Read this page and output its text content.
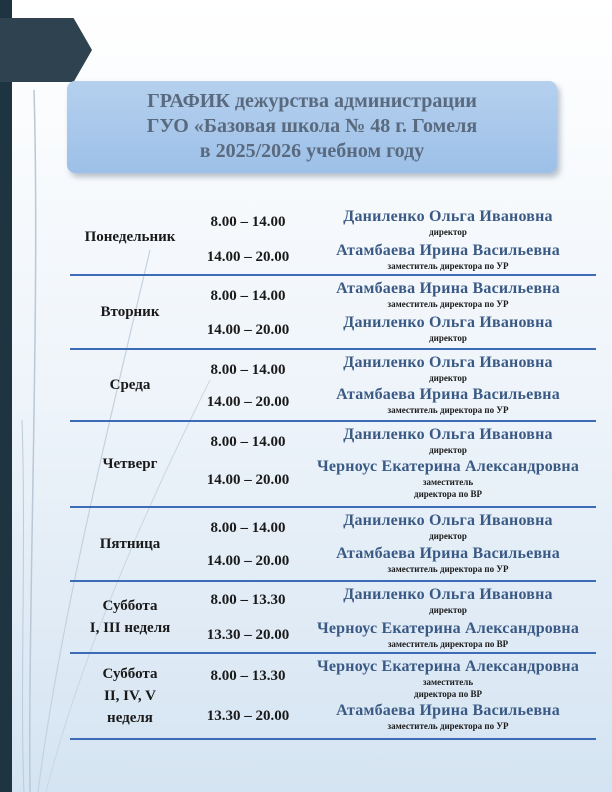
ГРАФИК дежурства администрации
ГУО «Базовая школа № 48 г. Гомеля
в 2025/2026 учебном году
Понедельник
8.00 – 14.00	Даниленко Ольга Ивановна
директор
14.00 – 20.00	Атамбаева Ирина Васильевна
заместитель директора по УР
Вторник
8.00 – 14.00	Атамбаева Ирина Васильевна
заместитель директора по УР
14.00 – 20.00	Даниленко Ольга Ивановна
директор
Среда
8.00 – 14.00	Даниленко Ольга Ивановна
директор
14.00 – 20.00	Атамбаева Ирина Васильевна
заместитель директора по УР
Четверг
8.00 – 14.00	Даниленко Ольга Ивановна
директор
14.00 – 20.00
Черноус Екатерина Александровна
заместитель
директора по ВР
Пятница
8.00 – 14.00	Даниленко Ольга Ивановна
директор
14.00 – 20.00	Атамбаева Ирина Васильевна
заместитель директора по УР
Суббота
I, III неделя
8.00 – 13.30	Даниленко Ольга Ивановна
директор
13.30 – 20.00	Черноус Екатерина Александровна
заместитель директора по ВР
Суббота
II, IV, V
неделя
8.00 – 13.30
Черноус Екатерина Александровна
заместитель
директора по ВР
13.30 – 20.00	Атамбаева Ирина Васильевна
заместитель директора по УР
